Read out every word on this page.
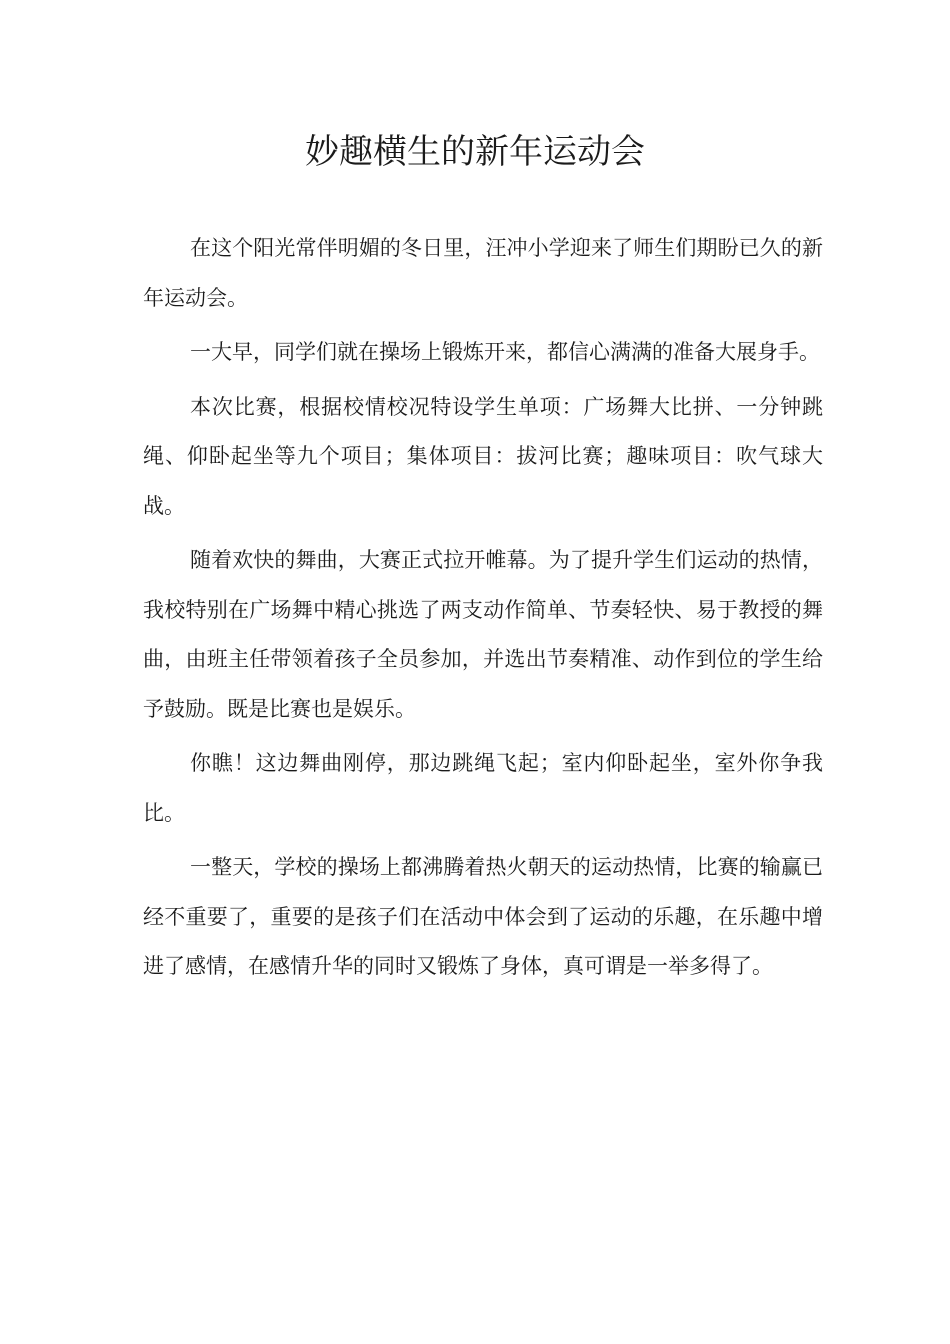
妙趣横生的新年运动会

在这个阳光常伴明媚的冬日里，汪冲小学迎来了师生们期盼已久的新年运动会。

一大早，同学们就在操场上锻炼开来，都信心满满的准备大展身手。

本次比赛，根据校情校况特设学生单项：广场舞大比拼、一分钟跳绳、仰卧起坐等九个项目；集体项目：拔河比赛；趣味项目：吹气球大战。

随着欢快的舞曲，大赛正式拉开帷幕。为了提升学生们运动的热情，我校特别在广场舞中精心挑选了两支动作简单、节奏轻快、易于教授的舞曲，由班主任带领着孩子全员参加，并选出节奏精准、动作到位的学生给予鼓励。既是比赛也是娱乐。

你瞧！这边舞曲刚停，那边跳绳飞起；室内仰卧起坐，室外你争我比。

一整天，学校的操场上都沸腾着热火朝天的运动热情，比赛的输赢已经不重要了，重要的是孩子们在活动中体会到了运动的乐趣，在乐趣中增进了感情，在感情升华的同时又锻炼了身体，真可谓是一举多得了。
